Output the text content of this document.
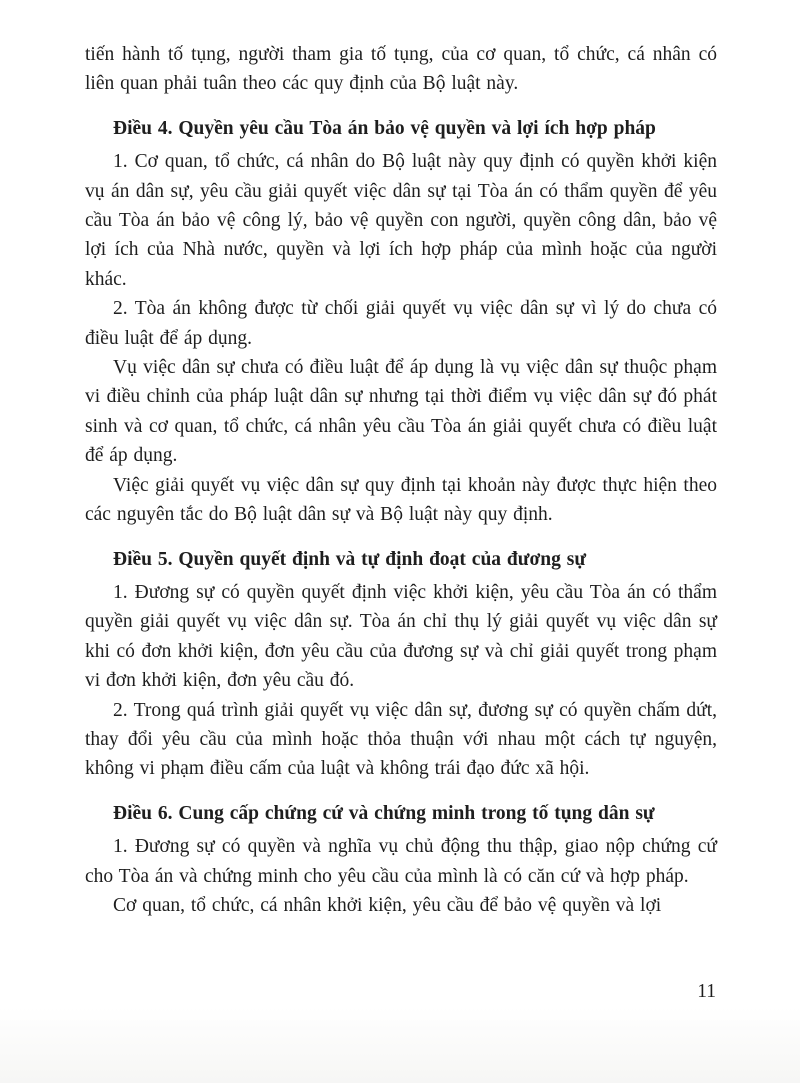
tiến hành tố tụng, người tham gia tố tụng, của cơ quan, tổ chức, cá nhân có liên quan phải tuân theo các quy định của Bộ luật này.

Điều 4. Quyền yêu cầu Tòa án bảo vệ quyền và lợi ích hợp pháp

1. Cơ quan, tổ chức, cá nhân do Bộ luật này quy định có quyền khởi kiện vụ án dân sự, yêu cầu giải quyết việc dân sự tại Tòa án có thẩm quyền để yêu cầu Tòa án bảo vệ công lý, bảo vệ quyền con người, quyền công dân, bảo vệ lợi ích của Nhà nước, quyền và lợi ích hợp pháp của mình hoặc của người khác.

2. Tòa án không được từ chối giải quyết vụ việc dân sự vì lý do chưa có điều luật để áp dụng.

Vụ việc dân sự chưa có điều luật để áp dụng là vụ việc dân sự thuộc phạm vi điều chỉnh của pháp luật dân sự nhưng tại thời điểm vụ việc dân sự đó phát sinh và cơ quan, tổ chức, cá nhân yêu cầu Tòa án giải quyết chưa có điều luật để áp dụng.

Việc giải quyết vụ việc dân sự quy định tại khoản này được thực hiện theo các nguyên tắc do Bộ luật dân sự và Bộ luật này quy định.

Điều 5. Quyền quyết định và tự định đoạt của đương sự

1. Đương sự có quyền quyết định việc khởi kiện, yêu cầu Tòa án có thẩm quyền giải quyết vụ việc dân sự. Tòa án chỉ thụ lý giải quyết vụ việc dân sự khi có đơn khởi kiện, đơn yêu cầu của đương sự và chỉ giải quyết trong phạm vi đơn khởi kiện, đơn yêu cầu đó.

2. Trong quá trình giải quyết vụ việc dân sự, đương sự có quyền chấm dứt, thay đổi yêu cầu của mình hoặc thỏa thuận với nhau một cách tự nguyện, không vi phạm điều cấm của luật và không trái đạo đức xã hội.

Điều 6. Cung cấp chứng cứ và chứng minh trong tố tụng dân sự

1. Đương sự có quyền và nghĩa vụ chủ động thu thập, giao nộp chứng cứ cho Tòa án và chứng minh cho yêu cầu của mình là có căn cứ và hợp pháp.

Cơ quan, tổ chức, cá nhân khởi kiện, yêu cầu để bảo vệ quyền và lợi

11
